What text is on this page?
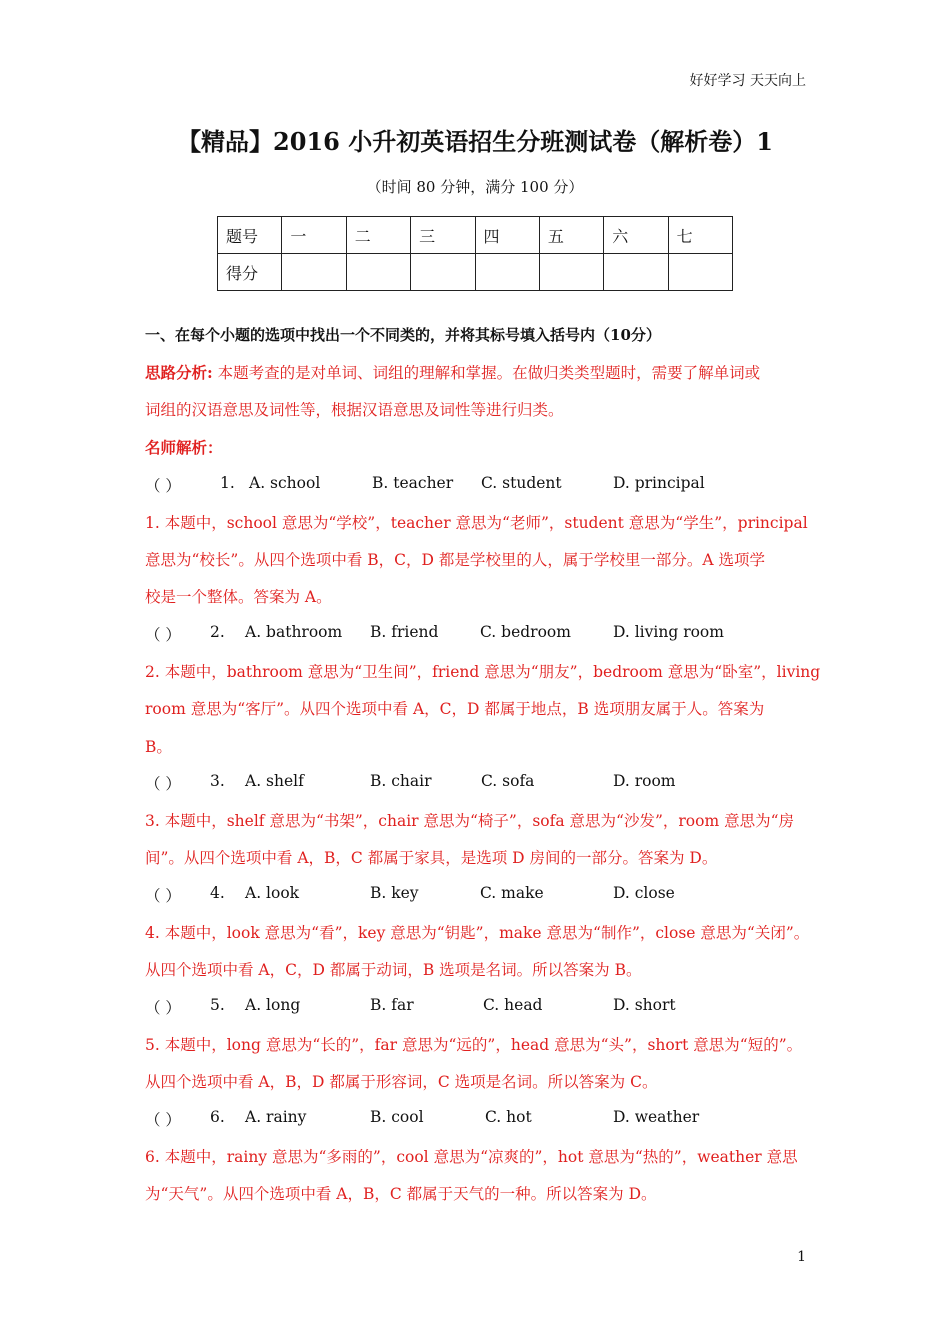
好好学习 天天向上
【精品】2016 小升初英语招生分班测试卷（解析卷）1
（时间 80 分钟，满分 100 分）
题号	一	二	三	四	五	六	七
得分							
一、在每个小题的选项中找出一个不同类的，并将其标号填入括号内（10分）
思路分析: 本题考查的是对单词、词组的理解和掌握。在做归类类型题时，需要了解单词或
词组的汉语意思及词性等，根据汉语意思及词性等进行归类。
名师解析：
（ ）	1. A. school	B. teacher C. student	D. principal
1. 本题中，school 意思为“学校”，teacher 意思为“老师”，student 意思为“学生”，principal
意思为“校长”。从四个选项中看 B，C，D 都是学校里的人，属于学校里一部分。A 选项学
校是一个整体。答案为 A。
（ ） 2. A. bathroom B. friend	C. bedroom	D. living room
2. 本题中，bathroom 意思为“卫生间”，friend 意思为“朋友”，bedroom 意思为“卧室”，living
room 意思为“客厅”。从四个选项中看 A，C，D 都属于地点，B 选项朋友属于人。答案为
B。
（ ） 3. A. shelf	B. chair	C. sofa	D. room
3. 本题中，shelf 意思为“书架”，chair 意思为“椅子”，sofa 意思为“沙发”，room 意思为“房
间”。从四个选项中看 A，B，C 都属于家具，是选项 D 房间的一部分。答案为 D。
（ ） 4. A. look	B. key	C. make	D. close
4. 本题中，look 意思为“看”，key 意思为“钥匙”，make 意思为“制作”，close 意思为“关闭”。
从四个选项中看 A，C，D 都属于动词，B 选项是名词。所以答案为 B。
（ ） 5. A. long	B. far	C. head	D. short
5. 本题中，long 意思为“长的”，far 意思为“远的”，head 意思为“头”，short 意思为“短的”。
从四个选项中看 A，B，D 都属于形容词，C 选项是名词。所以答案为 C。
（ ） 6. A. rainy	B. cool	C. hot	D. weather
6. 本题中，rainy 意思为“多雨的”，cool 意思为“凉爽的”，hot 意思为“热的”，weather 意思
为“天气”。从四个选项中看 A，B，C 都属于天气的一种。所以答案为 D。
1
